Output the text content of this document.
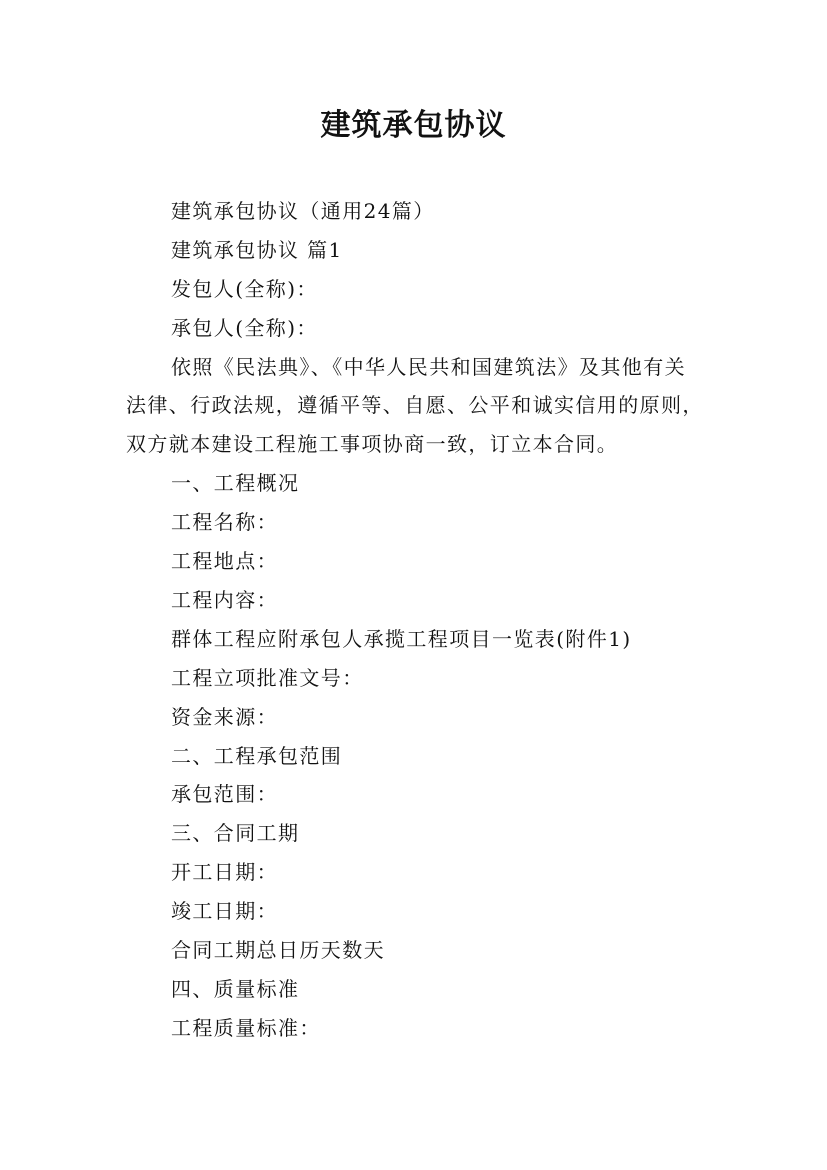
建筑承包协议
建筑承包协议（通用24篇）
建筑承包协议 篇1
发包人(全称)：
承包人(全称)：

依照《民法典》、《中华人民共和国建筑法》及其他有关法律、行政法规，遵循平等、自愿、公平和诚实信用的原则，双方就本建设工程施工事项协商一致，订立本合同。

一、工程概况
工程名称：
工程地点：
工程内容：
群体工程应附承包人承揽工程项目一览表(附件1)
工程立项批准文号：
资金来源：
二、工程承包范围
承包范围：
三、合同工期
开工日期：
竣工日期：
合同工期总日历天数天
四、质量标准
工程质量标准：
